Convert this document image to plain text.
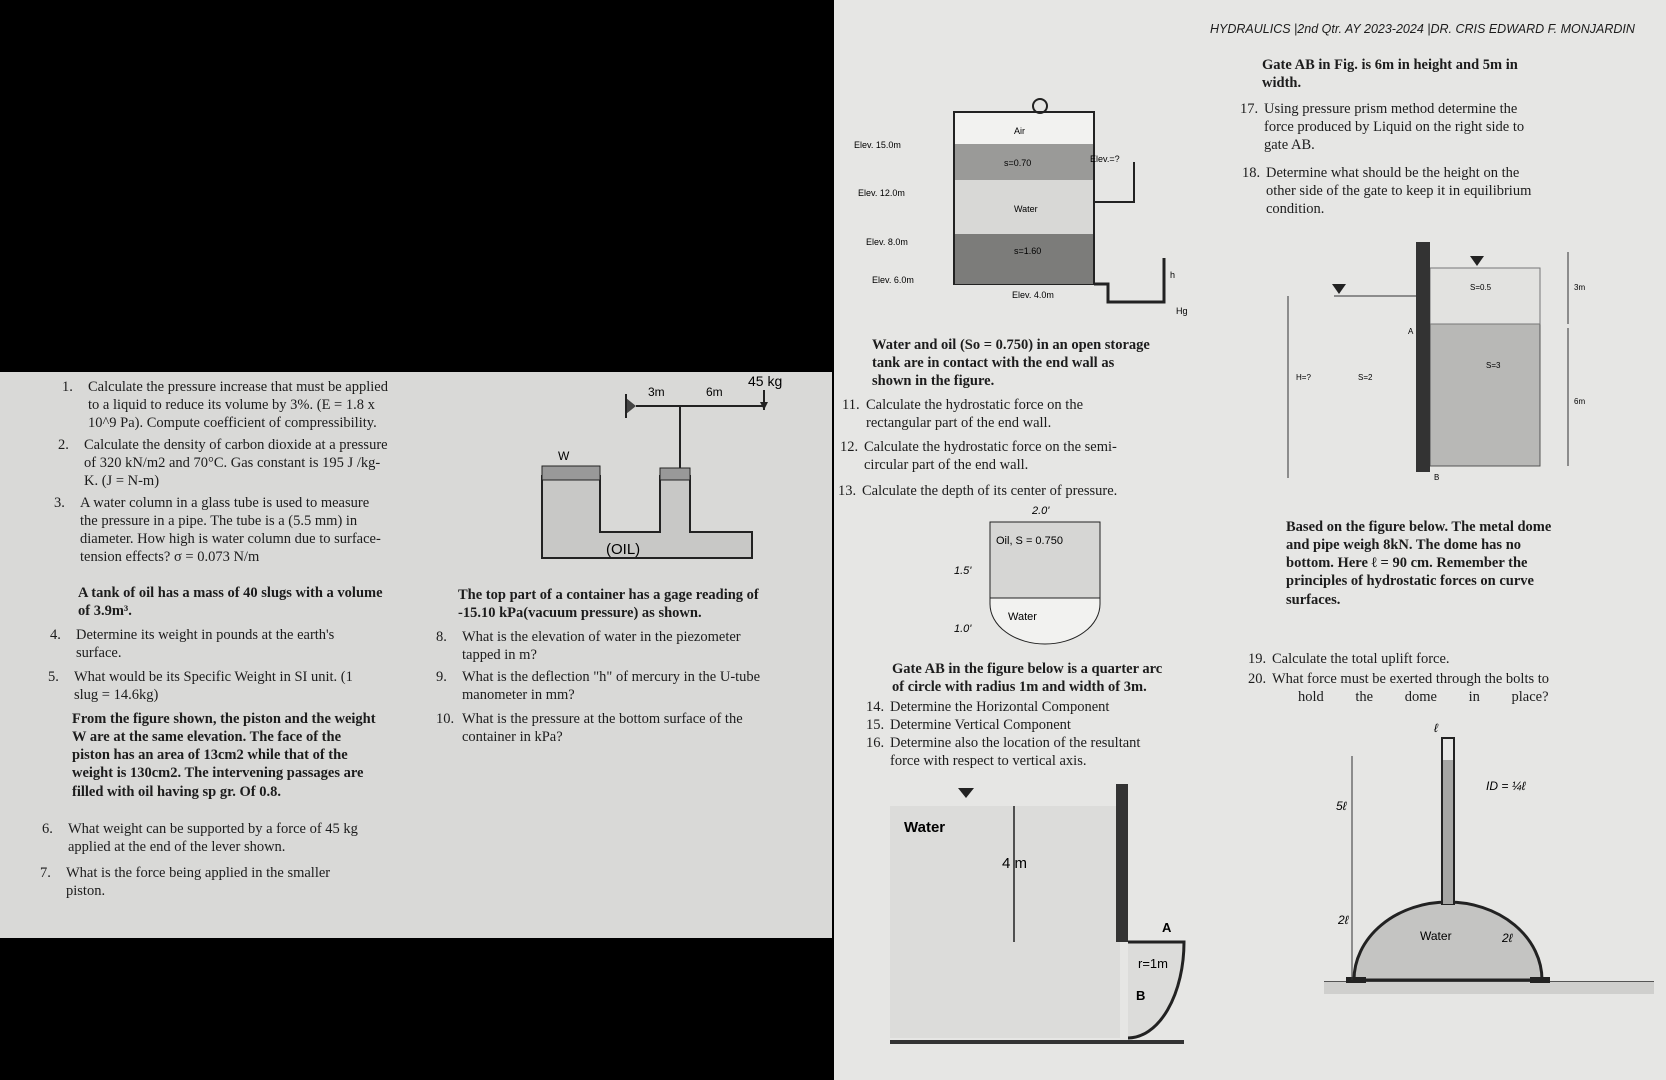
1. Calculate the pressure increase that must be applied
to a liquid to reduce its volume by 3%. (E = 1.8 x
10^9 Pa). Compute coefficient of compressibility.
2. Calculate the density of carbon dioxide at a pressure
of 320 kN/m2 and 70°C. Gas constant is 195 J /kg-
K. (J = N-m)
3. A water column in a glass tube is used to measure
the pressure in a pipe. The tube is a (5.5 mm) in
diameter. How high is water column due to surface-
tension effects? σ = 0.073 N/m
A tank of oil has a mass of 40 slugs with a volume
of 3.9m³.
4. Determine its weight in pounds at the earth's
surface.
5. What would be its Specific Weight in SI unit. (1
slug = 14.6kg)
From the figure shown, the piston and the weight
W are at the same elevation. The face of the
piston has an area of 13cm2 while that of the
weight is 130cm2. The intervening passages are
filled with oil having sp gr. Of 0.8.
6. What weight can be supported by a force of 45 kg
applied at the end of the lever shown.
7. What is the force being applied in the smaller
piston.
3m	6m
45 kg
W
(OIL)
The top part of a container has a gage reading of
-15.10 kPa(vacuum pressure) as shown.
8. What is the elevation of water in the piezometer
tapped in m?
9. What is the deflection "h" of mercury in the U-tube
manometer in mm?
10. What is the pressure at the bottom surface of the
container in kPa?
HYDRAULICS |2nd Qtr. AY 2023-2024 |DR. CRIS EDWARD F. MONJARDIN
Elev. 15.0m
Elev. 12.0m
Elev. 8.0m
Elev. 6.0m
Elev. 4.0m
Elev.=?
Air
s=0.70
Water
s=1.60
h
Hg
Water and oil (So = 0.750) in an open storage
tank are in contact with the end wall as
shown in the figure.
11. Calculate the hydrostatic force on the
rectangular part of the end wall.
12. Calculate the hydrostatic force on the semi-
circular part of the end wall.
13. Calculate the depth of its center of pressure.
2.0'
Oil, S = 0.750
Water
1.5'
1.0'
Gate AB in the figure below is a quarter arc
of circle with radius 1m and width of 3m.
14. Determine the Horizontal Component
15. Determine Vertical Component
16. Determine also the location of the resultant
force with respect to vertical axis.
Water
4 m
A
B
r=1m
Gate AB in Fig. is 6m in height and 5m in
width.
17. Using pressure prism method determine the
force produced by Liquid on the right side to
gate AB.
18. Determine what should be the height on the
other side of the gate to keep it in equilibrium
condition.
S=0.5
S=3
S=2
H=?
3m
6m
A
B
Based on the figure below. The metal dome
and pipe weigh 8kN. The dome has no
bottom. Here ℓ = 90 cm. Remember the
principles of hydrostatic forces on curve
surfaces.
19. Calculate the total uplift force.
20. What force must be exerted through the bolts to
hold the dome in place?
ID = ¼ℓ
5ℓ
2ℓ
2ℓ
ℓ
Water
